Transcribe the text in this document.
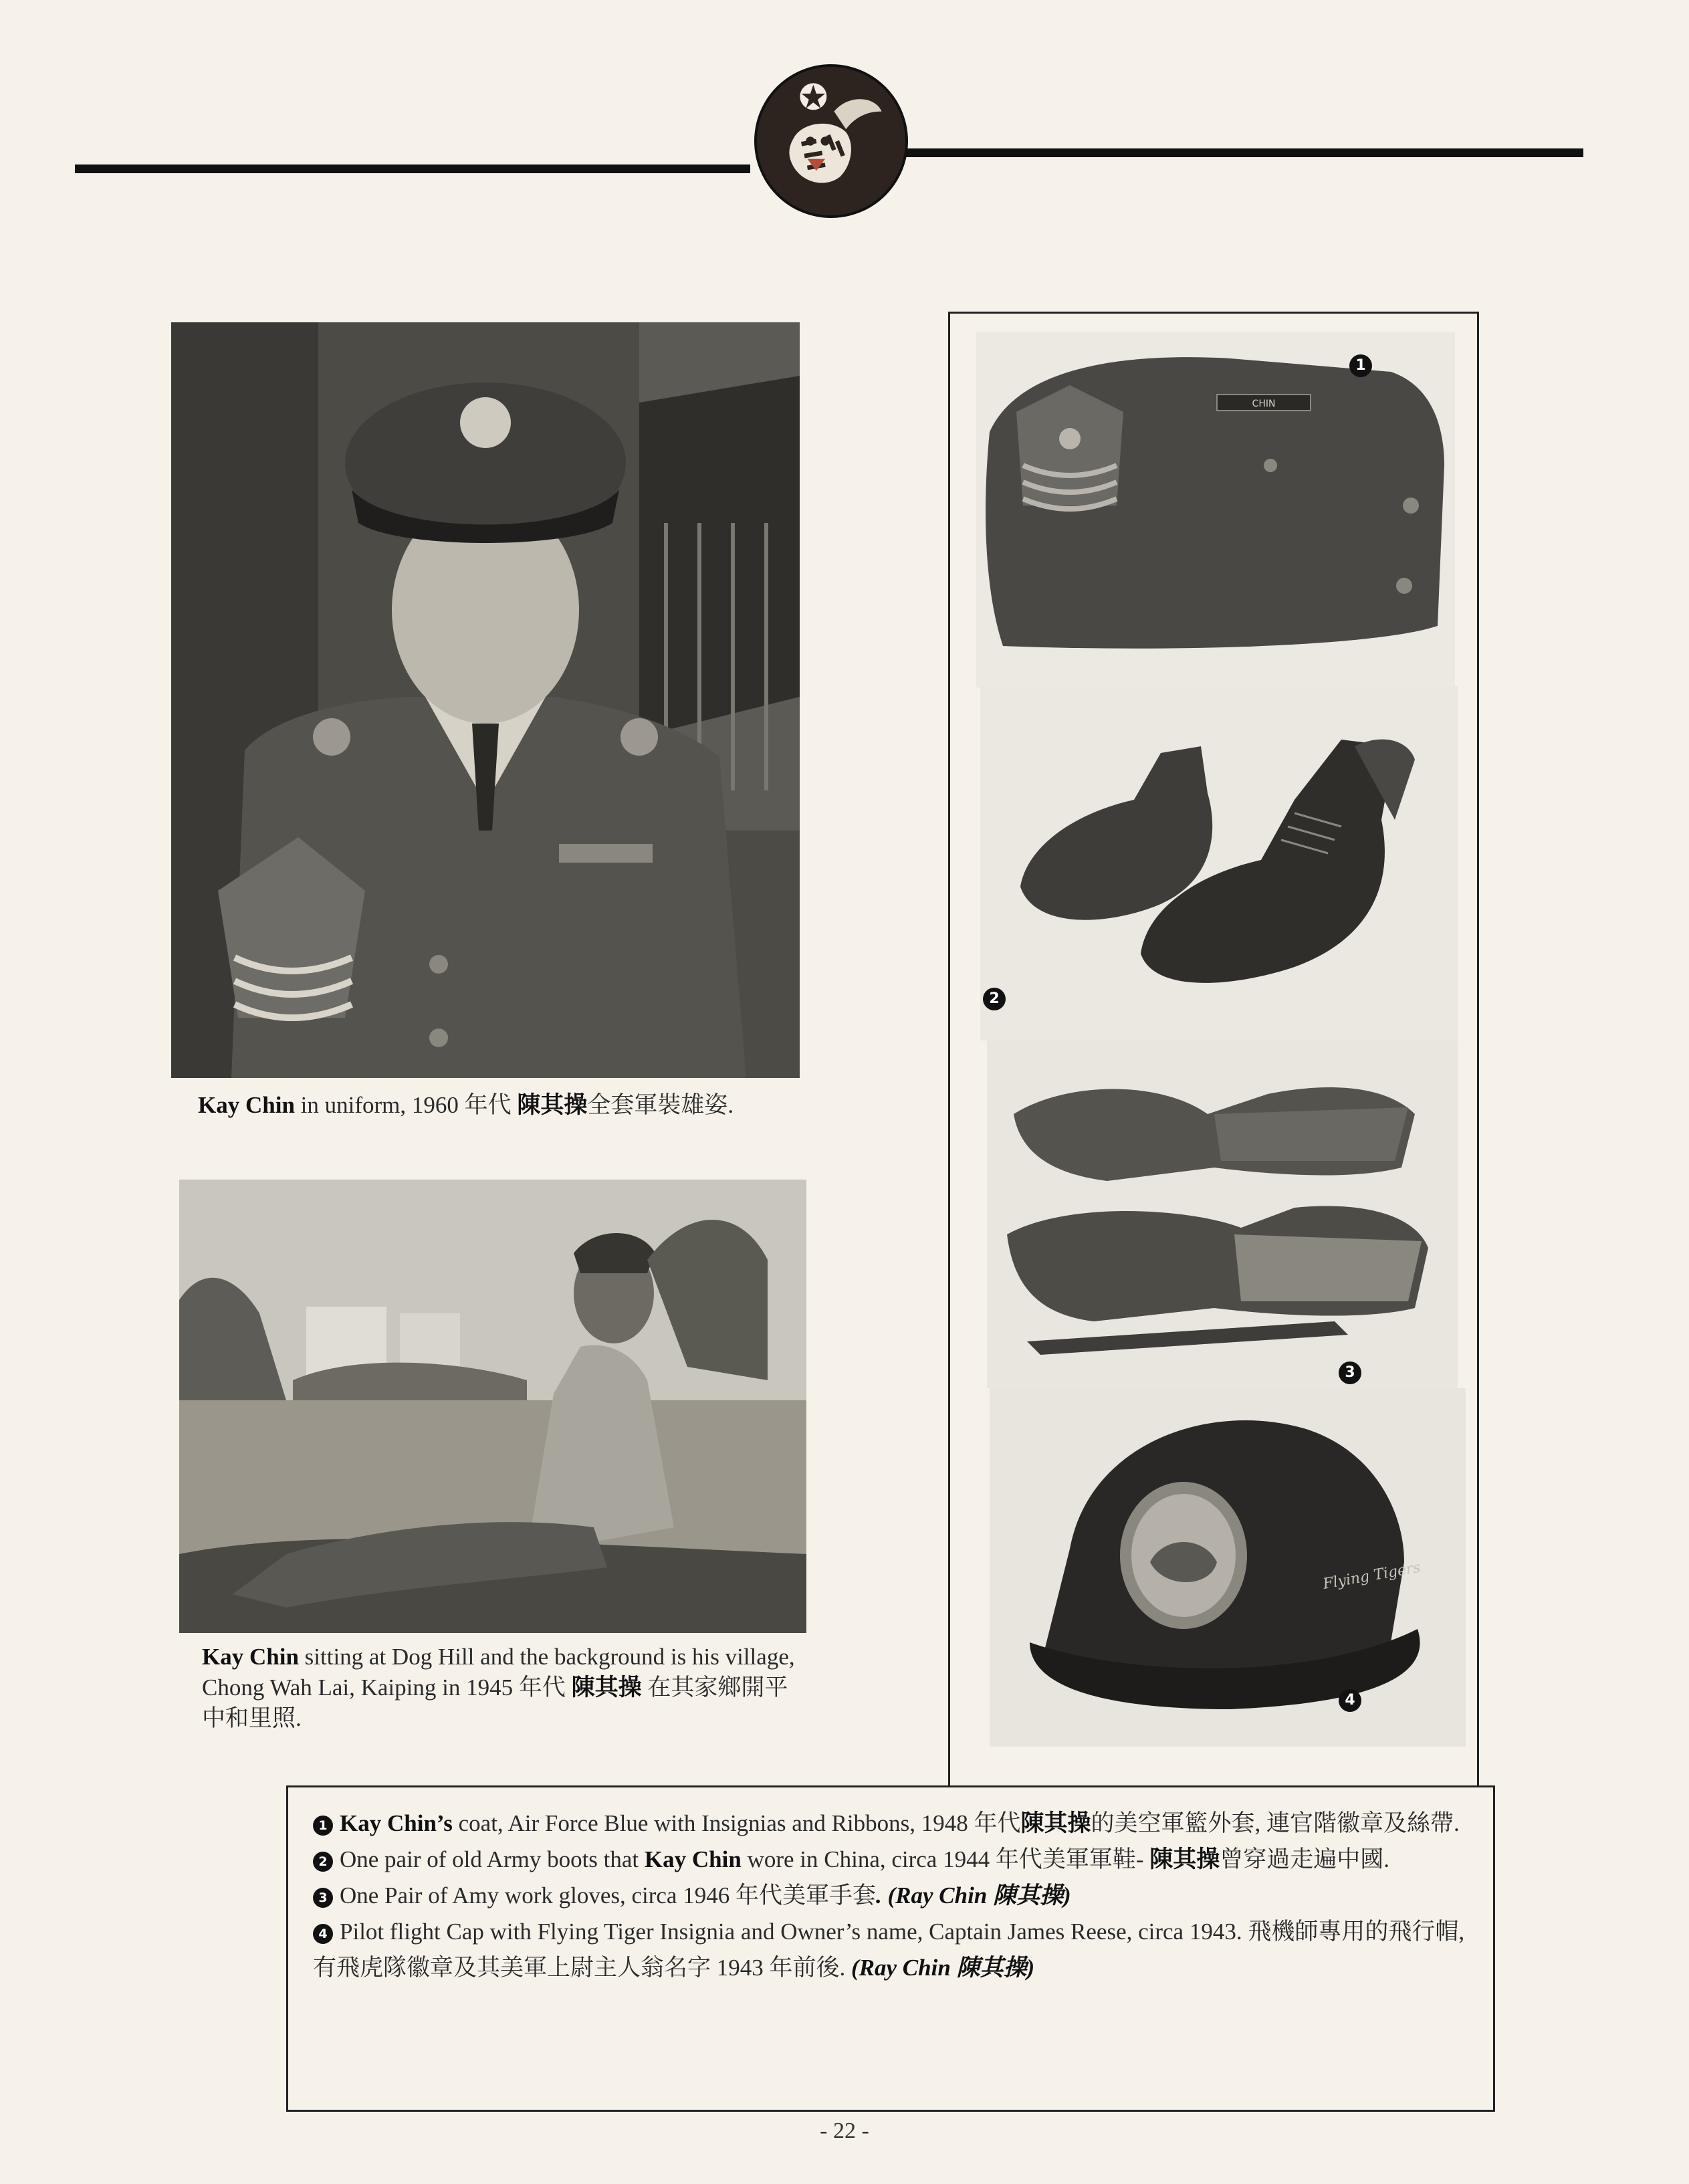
Kay Chin in uniform, 1960 年代 陳其操全套軍裝雄姿.
Kay Chin sitting at Dog Hill and the background is his village, Chong Wah Lai, Kaiping in 1945 年代 陳其操 在其家鄉開平中和里照.
CHIN
1
2
3
Flying Tigers
4

1 Kay Chin’s coat, Air Force Blue with Insignias and Ribbons, 1948 年代陳其操的美空軍籃外套, 連官階徽章及絲帶.

2 One pair of old Army boots that Kay Chin wore in China, circa 1944 年代美軍軍鞋- 陳其操曾穿過走遍中國.

3 One Pair of Amy work gloves, circa 1946 年代美軍手套. (Ray Chin 陳其操)

4 Pilot flight Cap with Flying Tiger Insignia and Owner’s name, Captain James Reese, circa 1943. 飛機師專用的飛行帽, 有飛虎隊徽章及其美軍上尉主人翁名字 1943 年前後. (Ray Chin 陳其操)

- 22 -
